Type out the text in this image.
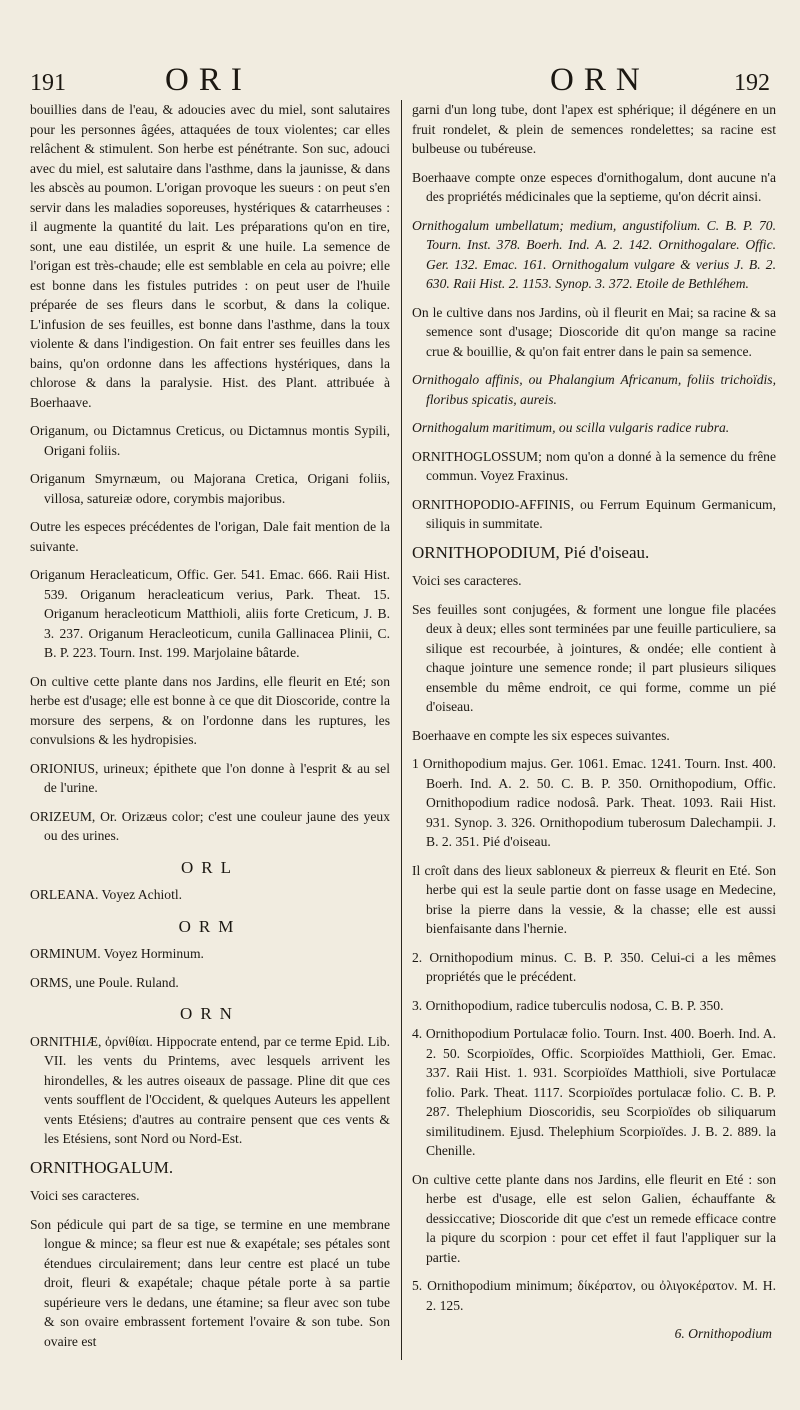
191	ORI	ORN	192

bouillies dans de l'eau, & adoucies avec du miel, sont salutaires pour les personnes âgées, attaquées de toux violentes; car elles relâchent & stimulent. Son herbe est pénétrante. Son suc, adouci avec du miel, est salutaire dans l'asthme, dans la jaunisse, & dans les abscès au poumon. L'origan provoque les sueurs : on peut s'en servir dans les maladies soporeuses, hystériques & catarrheuses : il augmente la quantité du lait. Les préparations qu'on en tire, sont, une eau distilée, un esprit & une huile. La semence de l'origan est très-chaude; elle est semblable en cela au poivre; elle est bonne dans les fistules putrides : on peut user de l'huile préparée de ses fleurs dans le scorbut, & dans la colique. L'infusion de ses feuilles, est bonne dans l'asthme, dans la toux violente & dans l'indigestion. On fait entrer ses feuilles dans les bains, qu'on ordonne dans les affections hystériques, dans la chlorose & dans la paralysie. Hist. des Plant. attribuée à Boerhaave.

Origanum, ou Dictamnus Creticus, ou Dictamnus montis Sypili, Origani foliis.

Origanum Smyrnæum, ou Majorana Cretica, Origani foliis, villosa, satureiæ odore, corymbis majoribus.

Outre les especes précédentes de l'origan, Dale fait mention de la suivante.

Origanum Heracleaticum, Offic. Ger. 541. Emac. 666. Raii Hist. 539. Origanum heracleaticum verius, Park. Theat. 15. Origanum heracleoticum Matthioli, aliis forte Creticum, J. B. 3. 237. Origanum Heracleoticum, cunila Gallinacea Plinii, C. B. P. 223. Tourn. Inst. 199. Marjolaine bâtarde.

On cultive cette plante dans nos Jardins, elle fleurit en Eté; son herbe est d'usage; elle est bonne à ce que dit Dioscoride, contre la morsure des serpens, & on l'ordonne dans les ruptures, les convulsions & les hydropisies.

ORIONIUS, urineux; épithete que l'on donne à l'esprit & au sel de l'urine.

ORIZEUM, Or. Orizæus color; c'est une couleur jaune des yeux ou des urines.

ORL

ORLEANA. Voyez Achiotl.

ORM

ORMINUM. Voyez Horminum.

ORMS, une Poule. Ruland.

ORN

ORNITHIÆ, ὀρνίθίαι. Hippocrate entend, par ce terme Epid. Lib. VII. les vents du Printems, avec lesquels arrivent les hirondelles, & les autres oiseaux de passage. Pline dit que ces vents soufflent de l'Occident, & quelques Auteurs les appellent vents Etésiens; d'autres au contraire pensent que ces vents & les Etésiens, sont Nord ou Nord-Est.

ORNITHOGALUM.

Voici ses caracteres.

Son pédicule qui part de sa tige, se termine en une membrane longue & mince; sa fleur est nue & exapétale; ses pétales sont étendues circulairement; dans leur centre est placé un tube droit, fleuri & exapétale; chaque pétale porte à sa partie supérieure vers le dedans, une étamine; sa fleur avec son tube & son ovaire embrassent fortement l'ovaire & son tube. Son ovaire est

garni d'un long tube, dont l'apex est sphérique; il dégénere en un fruit rondelet, & plein de semences rondelettes; sa racine est bulbeuse ou tubéreuse.

Boerhaave compte onze especes d'ornithogalum, dont aucune n'a des propriétés médicinales que la septieme, qu'on décrit ainsi.

Ornithogalum umbellatum; medium, angustifolium. C. B. P. 70. Tourn. Inst. 378. Boerh. Ind. A. 2. 142. Ornithogalare. Offic. Ger. 132. Emac. 161. Ornithogalum vulgare & verius J. B. 2. 630. Raii Hist. 2. 1153. Synop. 3. 372. Etoile de Bethléhem.

On le cultive dans nos Jardins, où il fleurit en Mai; sa racine & sa semence sont d'usage; Dioscoride dit qu'on mange sa racine crue & bouillie, & qu'on fait entrer dans le pain sa semence.

Ornithogalo affinis, ou Phalangium Africanum, foliis trichoïdis, floribus spicatis, aureis.

Ornithogalum maritimum, ou scilla vulgaris radice rubra.

ORNITHOGLOSSUM; nom qu'on a donné à la semence du frêne commun. Voyez Fraxinus.

ORNITHOPODIO-AFFINIS, ou Ferrum Equinum Germanicum, siliquis in summitate.

ORNITHOPODIUM, Pié d'oiseau.

Voici ses caracteres.

Ses feuilles sont conjugées, & forment une longue file placées deux à deux; elles sont terminées par une feuille particuliere, sa silique est recourbée, à jointures, & ondée; elle contient à chaque jointure une semence ronde; il part plusieurs siliques ensemble du même endroit, ce qui forme, comme un pié d'oiseau.

Boerhaave en compte les six especes suivantes.

1 Ornithopodium majus. Ger. 1061. Emac. 1241. Tourn. Inst. 400. Boerh. Ind. A. 2. 50. C. B. P. 350. Ornithopodium, Offic. Ornithopodium radice nodosâ. Park. Theat. 1093. Raii Hist. 931. Synop. 3. 326. Ornithopodium tuberosum Dalechampii. J. B. 2. 351. Pié d'oiseau.

Il croît dans des lieux sabloneux & pierreux & fleurit en Eté. Son herbe qui est la seule partie dont on fasse usage en Medecine, brise la pierre dans la vessie, & la chasse; elle est aussi bienfaisante dans l'hernie.

2. Ornithopodium minus. C. B. P. 350. Celui-ci a les mêmes propriétés que le précédent.

3. Ornithopodium, radice tuberculis nodosa, C. B. P. 350.

4. Ornithopodium Portulacæ folio. Tourn. Inst. 400. Boerh. Ind. A. 2. 50. Scorpioïdes, Offic. Scorpioïdes Matthioli, Ger. Emac. 337. Raii Hist. 1. 931. Scorpioïdes Matthioli, sive Portulacæ folio. Park. Theat. 1117. Scorpioïdes portulacæ folio. C. B. P. 287. Thelephium Dioscoridis, seu Scorpioïdes ob siliquarum similitudinem. Ejusd. Thelephium Scorpioïdes. J. B. 2. 889. la Chenille.

On cultive cette plante dans nos Jardins, elle fleurit en Eté : son herbe est d'usage, elle est selon Galien, échauffante & dessiccative; Dioscoride dit que c'est un remede efficace contre la piqure du scorpion : pour cet effet il faut l'appliquer sur la partie.

5. Ornithopodium minimum; δίκέρατον, ou ὀλιγοκέρατον. M. H. 2. 125.

6. Ornithopodium
